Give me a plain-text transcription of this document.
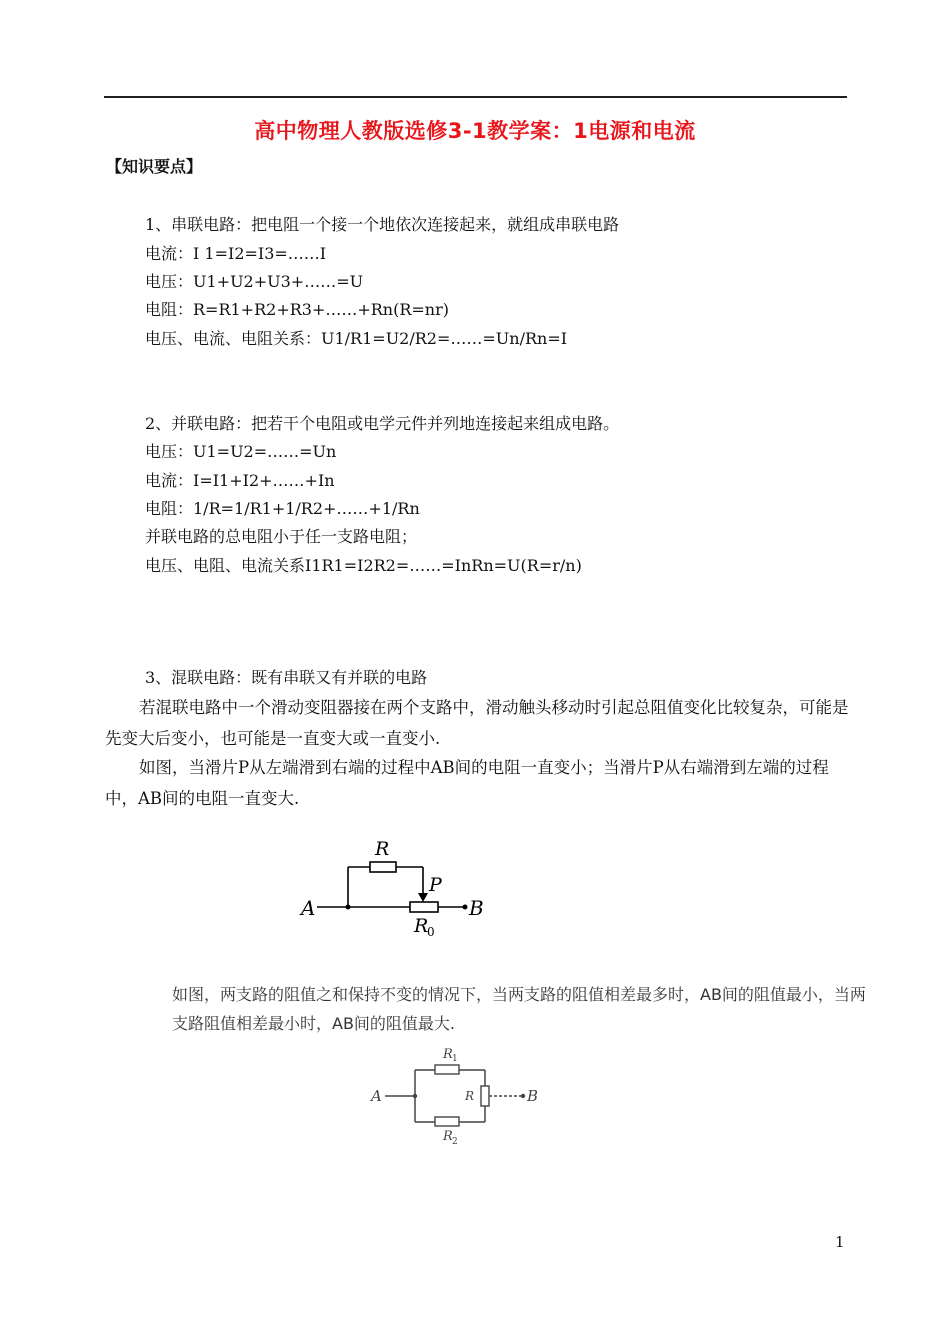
高中物理人教版选修3-1教学案：1电源和电流
【知识要点】
1、串联电路：把电阻一个接一个地依次连接起来，就组成串联电路
电流：I 1=I2=I3=……I
电压：U1+U2+U3+……=U
电阻：R=R1+R2+R3+……+Rn(R=nr)
电压、电流、电阻关系：U1/R1=U2/R2=……=Un/Rn=I
2、并联电路：把若干个电阻或电学元件并列地连接起来组成电路。
电压：U1=U2=……=Un
电流：I=I1+I2+……+In
电阻：1/R=1/R1+1/R2+……+1/Rn
并联电路的总电阻小于任一支路电阻；
电压、电阻、电流关系I1R1=I2R2=……=InRn=U(R=r/n)
3、混联电路：既有串联又有并联的电路
若混联电路中一个滑动变阻器接在两个支路中，滑动触头移动时引起总阻值变化比较复杂，可能是先变大后变小，也可能是一直变大或一直变小.
如图，当滑片P从左端滑到右端的过程中AB间的电阻一直变小；当滑片P从右端滑到左端的过程中，AB间的电阻一直变大.
A
R
P
R
0
B
如图，两支路的阻值之和保持不变的情况下，当两支路的阻值相差最多时，AB间的阻值最小，当两支路阻值相差最小时，AB间的阻值最大.
A
R 1
R	B
R 2
1
